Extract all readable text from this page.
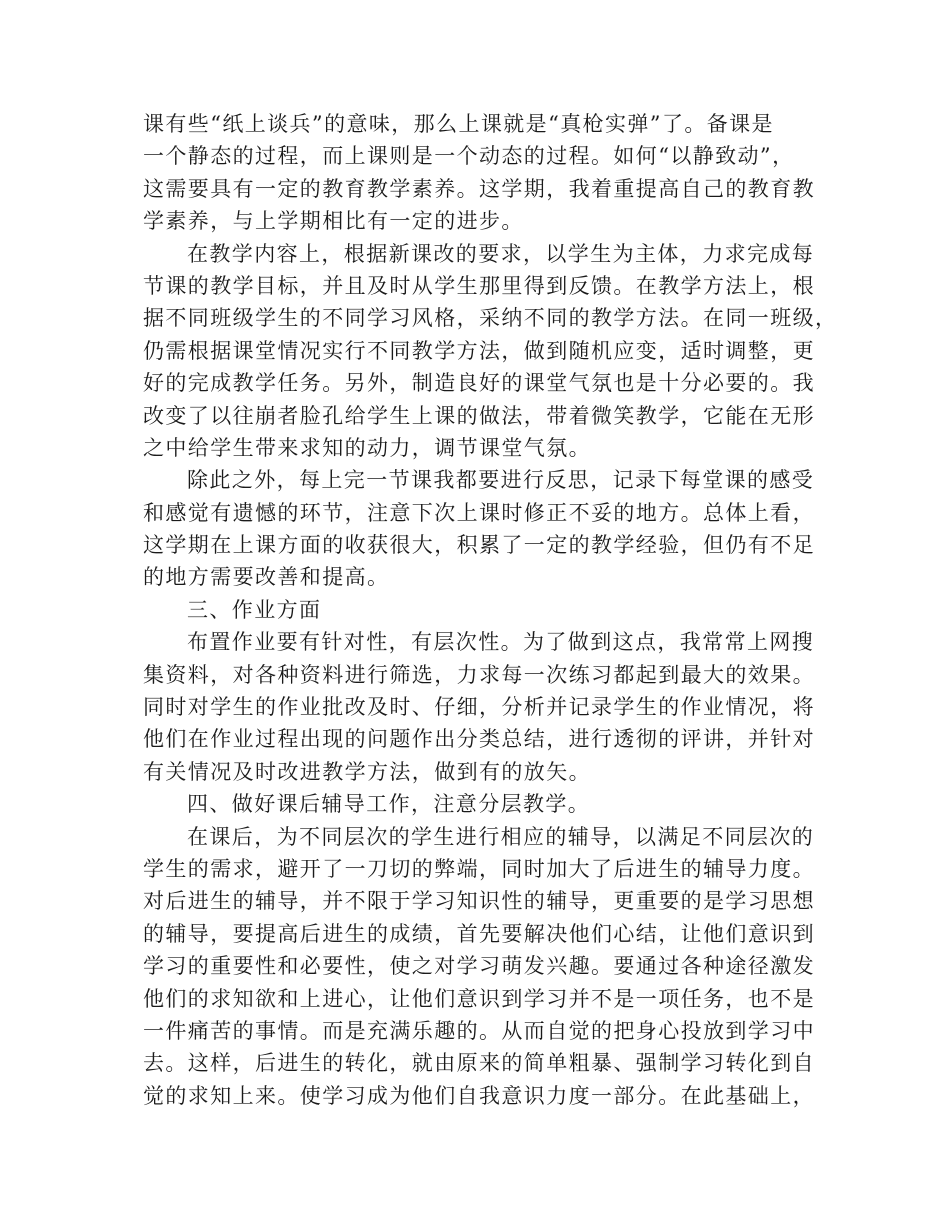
课有些“纸上谈兵”的意味，那么上课就是“真枪实弹”了。备课是
一个静态的过程，而上课则是一个动态的过程。如何“以静致动”，
这需要具有一定的教育教学素养。这学期，我着重提高自己的教育教
学素养，与上学期相比有一定的进步。
在教学内容上，根据新课改的要求，以学生为主体，力求完成每
节课的教学目标，并且及时从学生那里得到反馈。在教学方法上，根
据不同班级学生的不同学习风格，采纳不同的教学方法。在同一班级，
仍需根据课堂情况实行不同教学方法，做到随机应变，适时调整，更
好的完成教学任务。另外，制造良好的课堂气氛也是十分必要的。我
改变了以往崩者脸孔给学生上课的做法，带着微笑教学，它能在无形
之中给学生带来求知的动力，调节课堂气氛。
除此之外，每上完一节课我都要进行反思，记录下每堂课的感受
和感觉有遗憾的环节，注意下次上课时修正不妥的地方。总体上看，
这学期在上课方面的收获很大，积累了一定的教学经验，但仍有不足
的地方需要改善和提高。
三、作业方面
布置作业要有针对性，有层次性。为了做到这点，我常常上网搜
集资料，对各种资料进行筛选，力求每一次练习都起到最大的效果。
同时对学生的作业批改及时、仔细，分析并记录学生的作业情况，将
他们在作业过程出现的问题作出分类总结，进行透彻的评讲，并针对
有关情况及时改进教学方法，做到有的放矢。
四、做好课后辅导工作，注意分层教学。
在课后，为不同层次的学生进行相应的辅导，以满足不同层次的
学生的需求，避开了一刀切的弊端，同时加大了后进生的辅导力度。
对后进生的辅导，并不限于学习知识性的辅导，更重要的是学习思想
的辅导，要提高后进生的成绩，首先要解决他们心结，让他们意识到
学习的重要性和必要性，使之对学习萌发兴趣。要通过各种途径激发
他们的求知欲和上进心，让他们意识到学习并不是一项任务，也不是
一件痛苦的事情。而是充满乐趣的。从而自觉的把身心投放到学习中
去。这样，后进生的转化，就由原来的简单粗暴、强制学习转化到自
觉的求知上来。使学习成为他们自我意识力度一部分。在此基础上，
